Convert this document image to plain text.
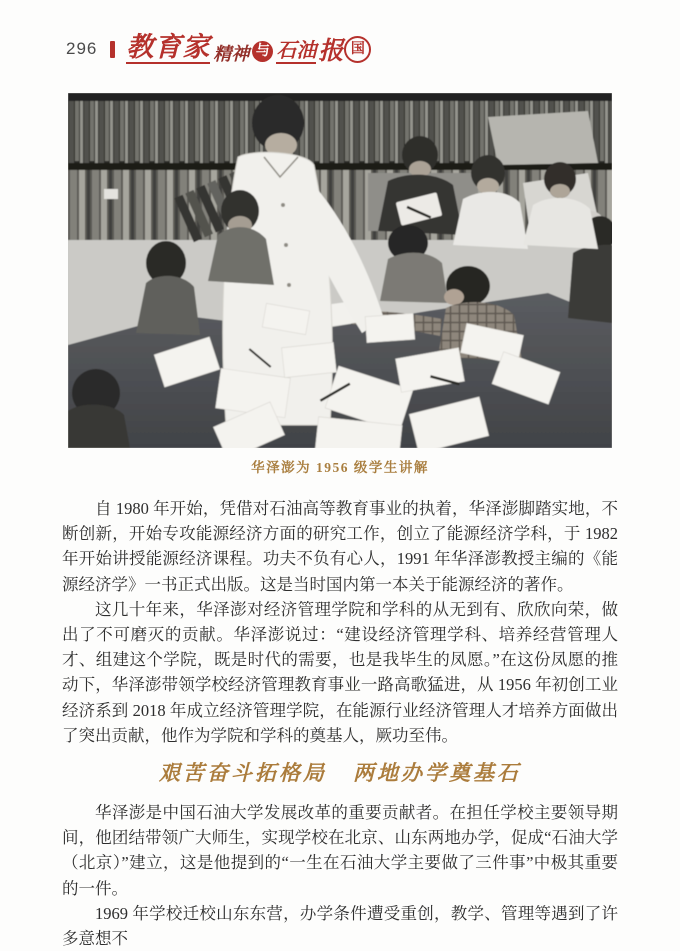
296 教育家 精神 与 石油 报 国
华泽澎为 1956 级学生讲解

自 1980 年开始，凭借对石油高等教育事业的执着，华泽澎脚踏实地，不断创新，开始专攻能源经济方面的研究工作，创立了能源经济学科，于 1982 年开始讲授能源经济课程。功夫不负有心人，1991 年华泽澎教授主编的《能源经济学》一书正式出版。这是当时国内第一本关于能源经济的著作。

这几十年来，华泽澎对经济管理学院和学科的从无到有、欣欣向荣，做出了不可磨灭的贡献。华泽澎说过：“建设经济管理学科、培养经营管理人才、组建这个学院，既是时代的需要，也是我毕生的凤愿。”在这份凤愿的推动下，华泽澎带领学校经济管理教育事业一路高歌猛进，从 1956 年初创工业经济系到 2018 年成立经济管理学院，在能源行业经济管理人才培养方面做出了突出贡献，他作为学院和学科的奠基人，厥功至伟。

艰苦奋斗拓格局 两地办学奠基石

华泽澎是中国石油大学发展改革的重要贡献者。在担任学校主要领导期间，他团结带领广大师生，实现学校在北京、山东两地办学，促成“石油大学（北京）”建立，这是他提到的“一生在石油大学主要做了三件事”中极其重要的一件。

1969 年学校迁校山东东营，办学条件遭受重创，教学、管理等遇到了许多意想不
